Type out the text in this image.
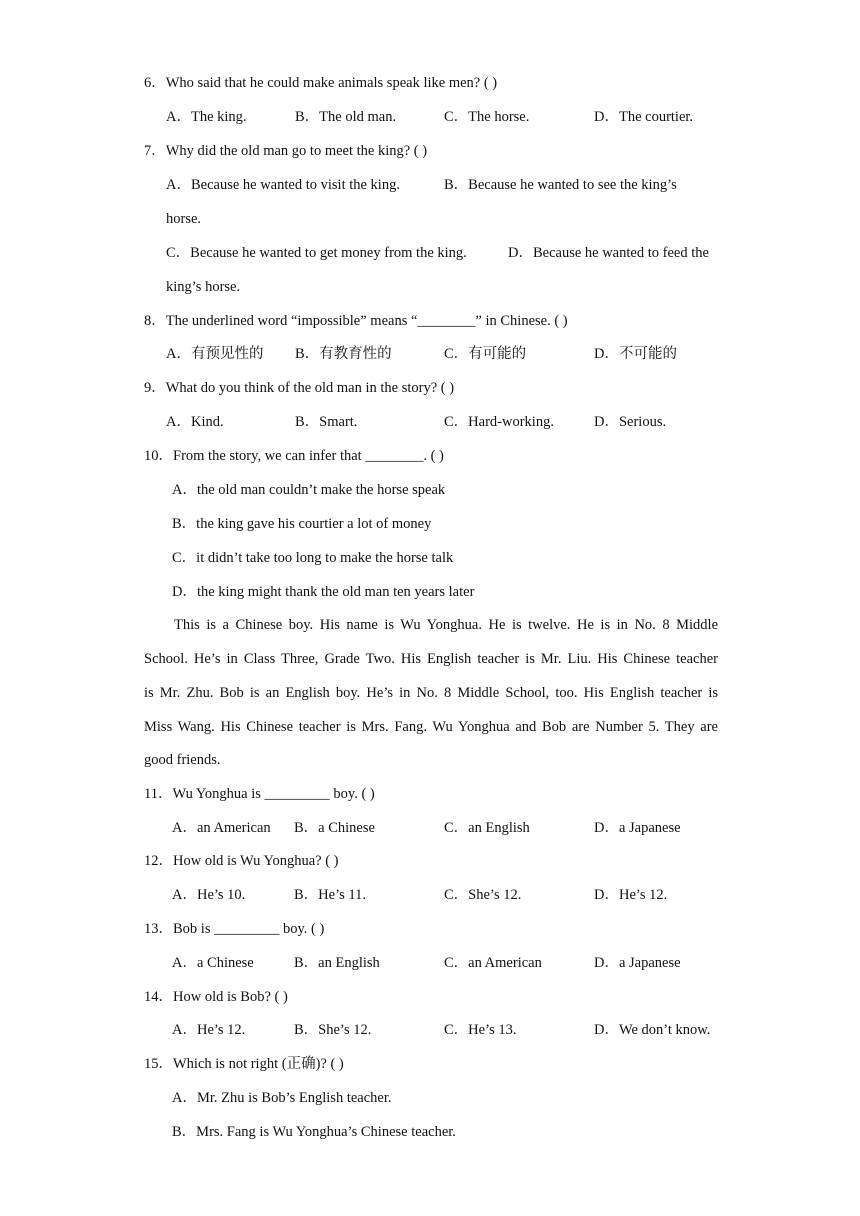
6．Who said that he could make animals speak like men? ( )
A．The king.	B．The old man.	C．The horse.	D．The courtier.
7．Why did the old man go to meet the king? ( )
A．Because he wanted to visit the king.	B．Because he wanted to see the king’s
horse.
C．Because he wanted to get money from the king.	D．Because he wanted to feed the
king’s horse.
8．The underlined word “impossible” means “________” in Chinese. ( )
A．有预见性的 B．有教育性的	C．有可能的	D．不可能的
9．What do you think of the old man in the story? ( )
A．Kind.	B．Smart.	C．Hard-working.	D．Serious.
10．From the story, we can infer that ________. ( )
A．the old man couldn’t make the horse speak
B．the king gave his courtier a lot of money
C．it didn’t take too long to make the horse talk
D．the king might thank the old man ten years later
This is a Chinese boy. His name is Wu Yonghua. He is twelve. He is in No. 8 Middle
School. He’s in Class Three, Grade Two. His English teacher is Mr. Liu. His Chinese teacher
is Mr. Zhu. Bob is an English boy. He’s in No. 8 Middle School, too. His English teacher is
Miss Wang. His Chinese teacher is Mrs. Fang. Wu Yonghua and Bob are Number 5. They are
good friends.
11．Wu Yonghua is _________ boy. ( )
A．an American B．a Chinese	C．an English	D．a Japanese
12．How old is Wu Yonghua? ( )
A．He’s 10.	B．He’s 11.	C．She’s 12.	D．He’s 12.
13．Bob is _________ boy. ( )
A．a Chinese	B．an English	C．an American	D．a Japanese
14．How old is Bob? ( )
A．He’s 12.	B．She’s 12.	C．He’s 13.	D．We don’t know.
15．Which is not right (正确)? ( )
A．Mr. Zhu is Bob’s English teacher.
B．Mrs. Fang is Wu Yonghua’s Chinese teacher.
